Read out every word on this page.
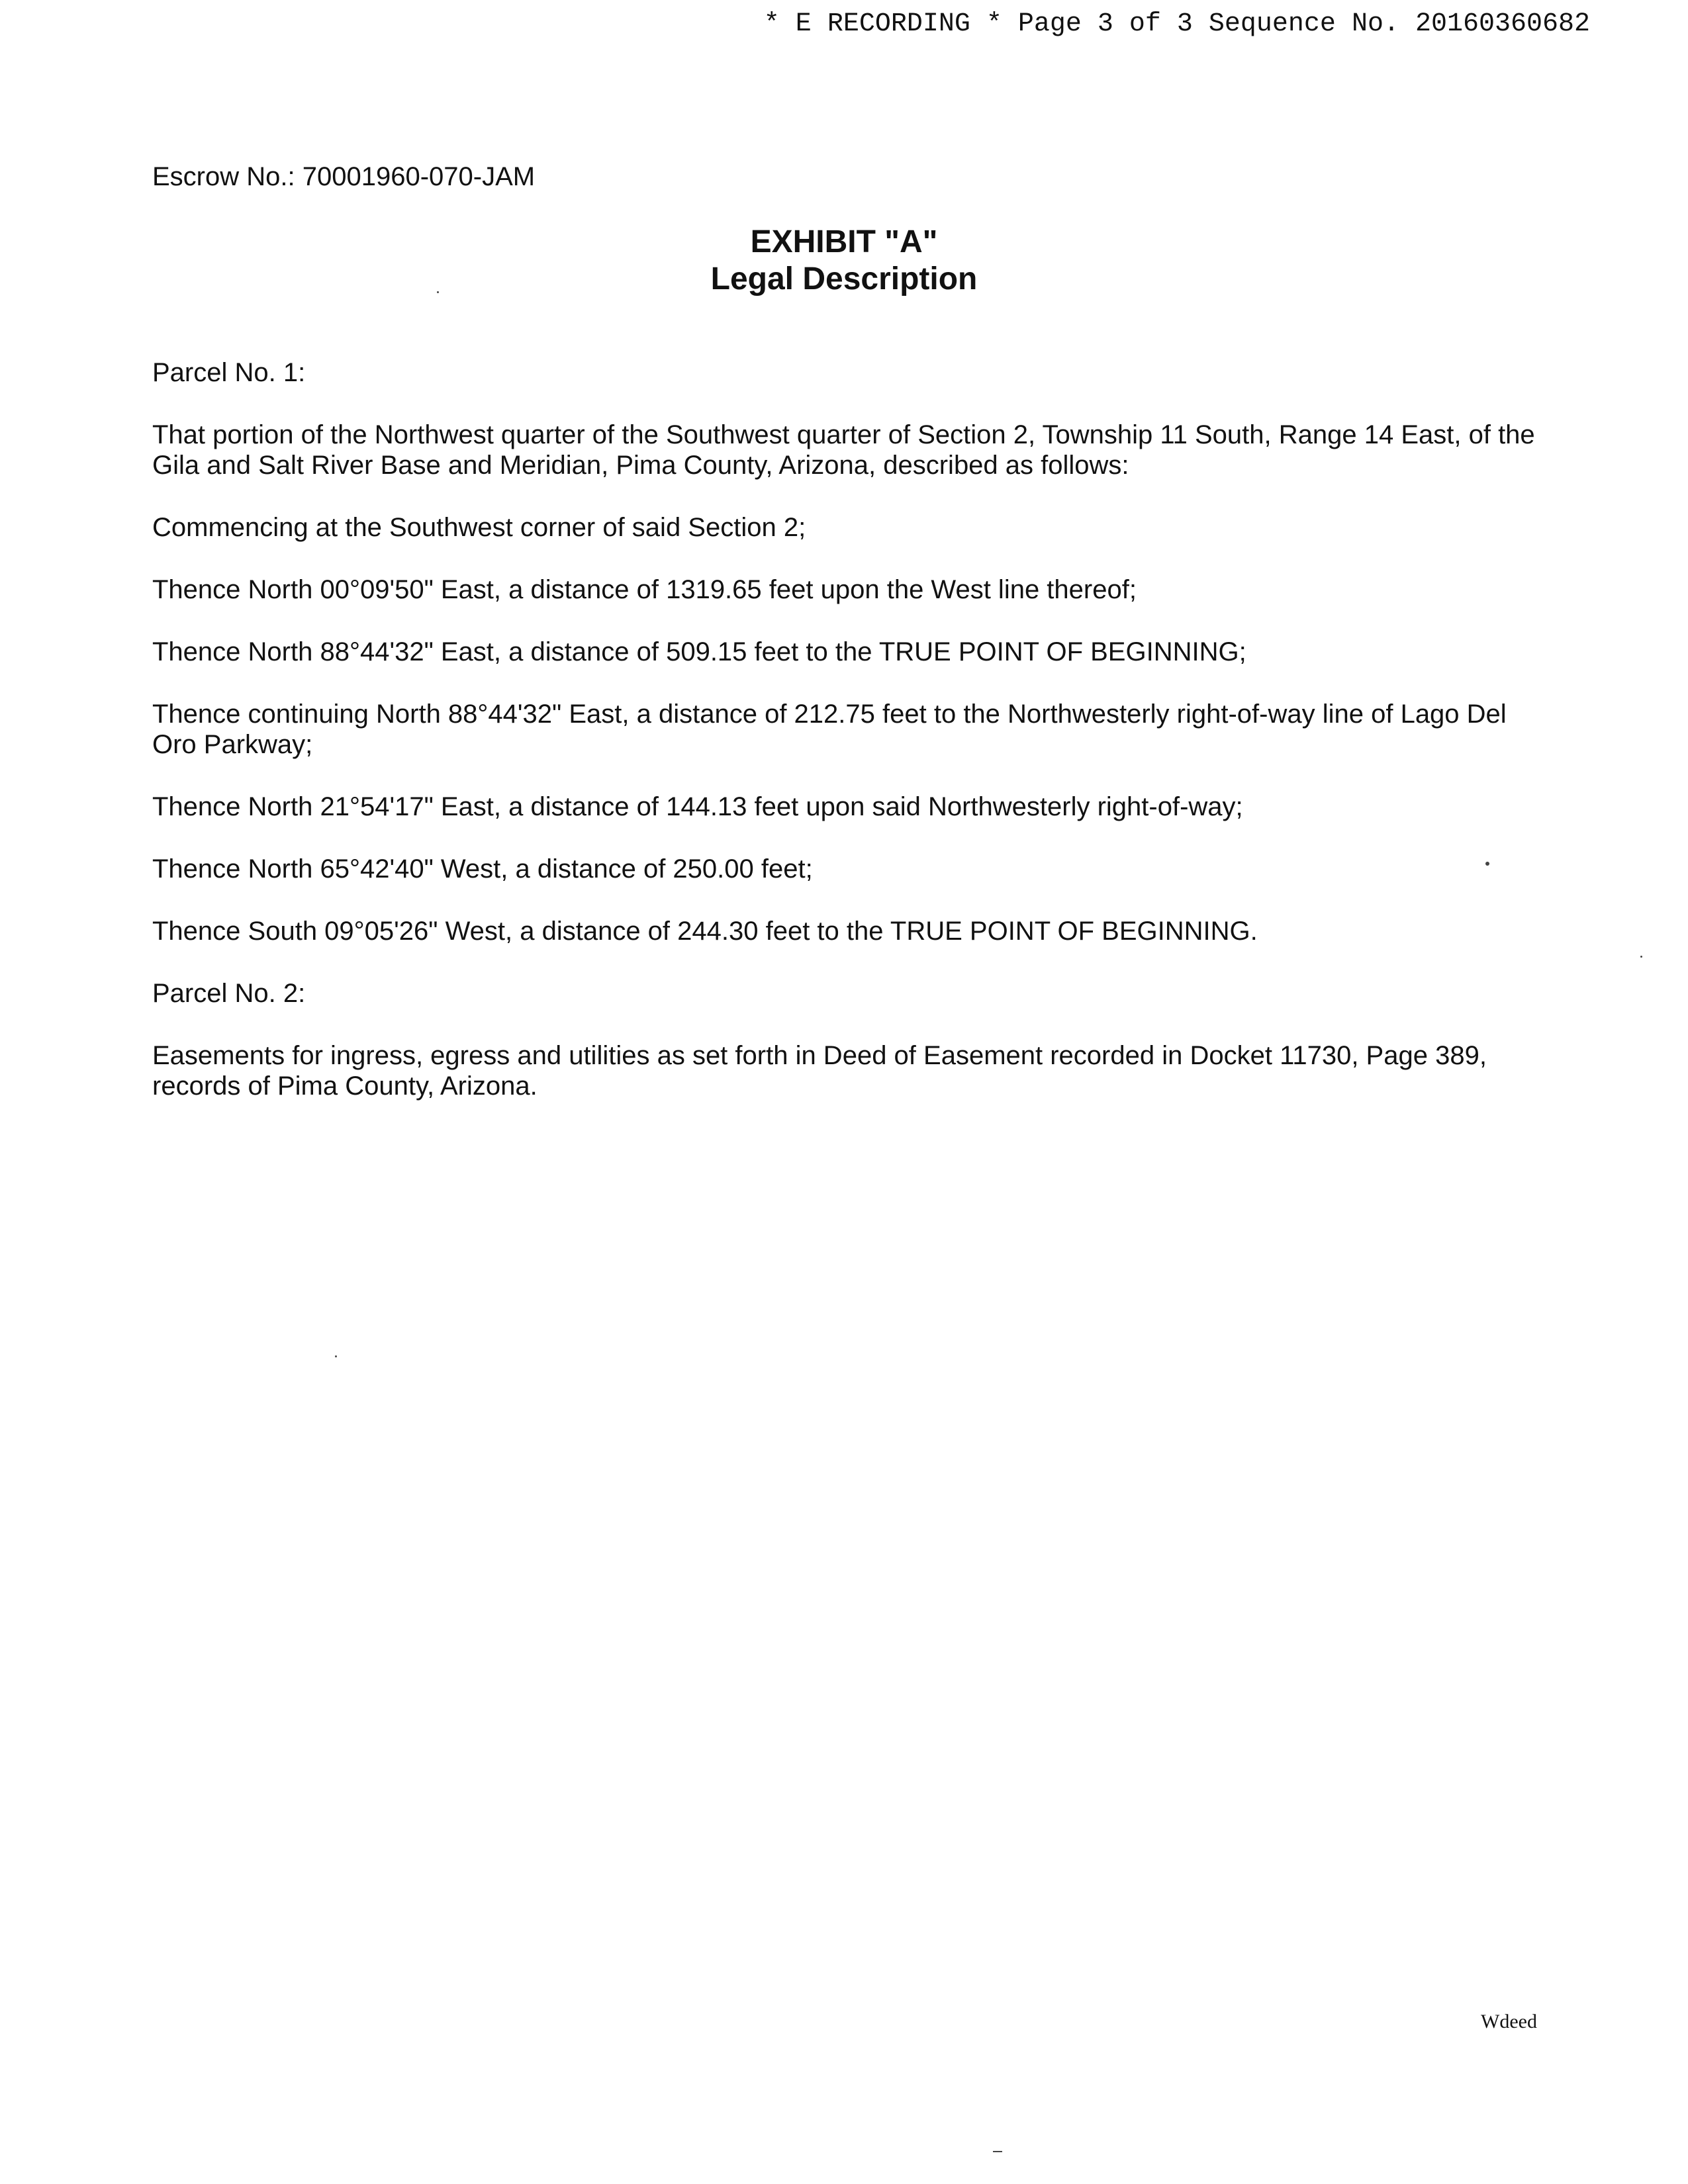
* E RECORDING * Page 3 of 3 Sequence No. 20160360682
Escrow No.: 70001960-070-JAM
EXHIBIT "A"
Legal Description

Parcel No. 1:

That portion of the Northwest quarter of the Southwest quarter of Section 2, Township 11 South, Range 14 East, of the Gila and Salt River Base and Meridian, Pima County, Arizona, described as follows:

Commencing at the Southwest corner of said Section 2;

Thence North 00°09'50" East, a distance of 1319.65 feet upon the West line thereof;

Thence North 88°44'32" East, a distance of 509.15 feet to the TRUE POINT OF BEGINNING;

Thence continuing North 88°44'32" East, a distance of 212.75 feet to the Northwesterly right-of-way line of Lago Del Oro Parkway;

Thence North 21°54'17" East, a distance of 144.13 feet upon said Northwesterly right-of-way;

Thence North 65°42'40" West, a distance of 250.00 feet;

Thence South 09°05'26" West, a distance of 244.30 feet to the TRUE POINT OF BEGINNING.

Parcel No. 2:

Easements for ingress, egress and utilities as set forth in Deed of Easement recorded in Docket 11730, Page 389, records of Pima County, Arizona.

Wdeed
